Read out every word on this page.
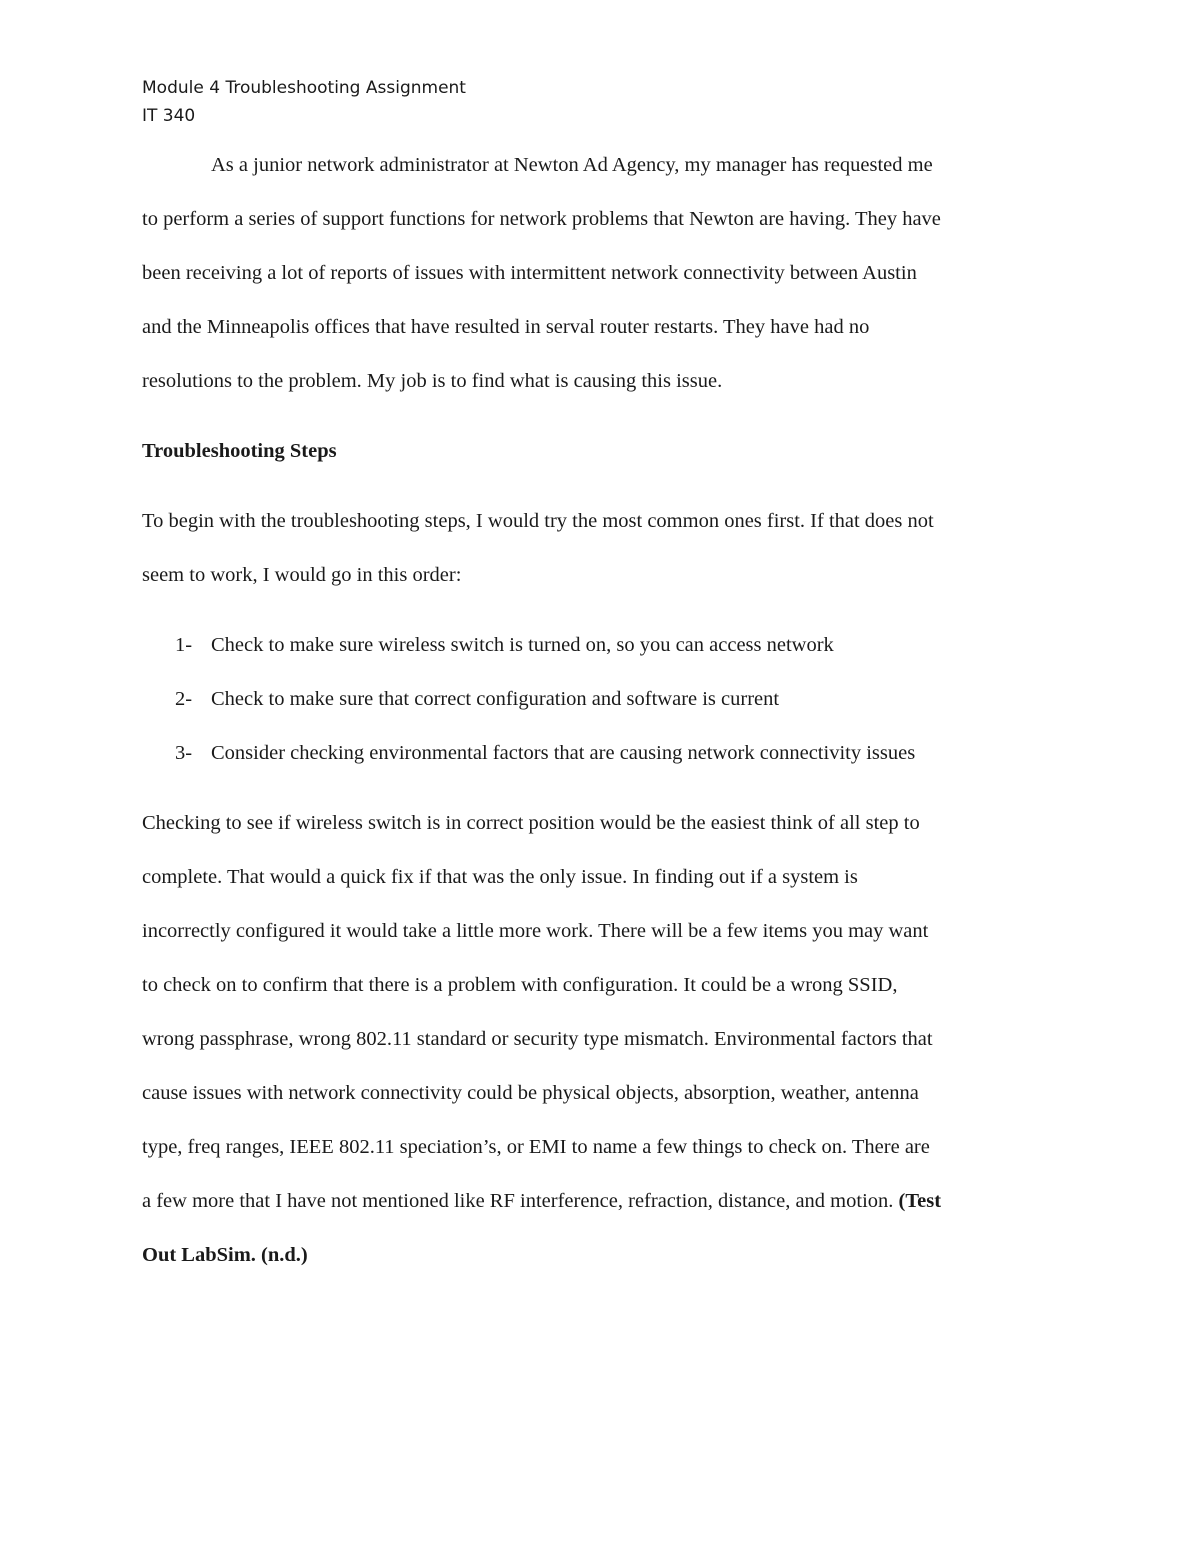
Module 4 Troubleshooting Assignment
IT 340
As a junior network administrator at Newton Ad Agency, my manager has requested me
to perform a series of support functions for network problems that Newton are having. They have
been receiving a lot of reports of issues with intermittent network connectivity between Austin
and the Minneapolis offices that have resulted in serval router restarts. They have had no
resolutions to the problem. My job is to find what is causing this issue.
Troubleshooting Steps
To begin with the troubleshooting steps, I would try the most common ones first. If that does not
seem to work, I would go in this order:
1- Check to make sure wireless switch is turned on, so you can access network
2- Check to make sure that correct configuration and software is current
3- Consider checking environmental factors that are causing network connectivity issues
Checking to see if wireless switch is in correct position would be the easiest think of all step to
complete. That would a quick fix if that was the only issue. In finding out if a system is
incorrectly configured it would take a little more work. There will be a few items you may want
to check on to confirm that there is a problem with configuration. It could be a wrong SSID,
wrong passphrase, wrong 802.11 standard or security type mismatch. Environmental factors that
cause issues with network connectivity could be physical objects, absorption, weather, antenna
type, freq ranges, IEEE 802.11 speciation’s, or EMI to name a few things to check on. There are
a few more that I have not mentioned like RF interference, refraction, distance, and motion. (Test
Out LabSim. (n.d.)
